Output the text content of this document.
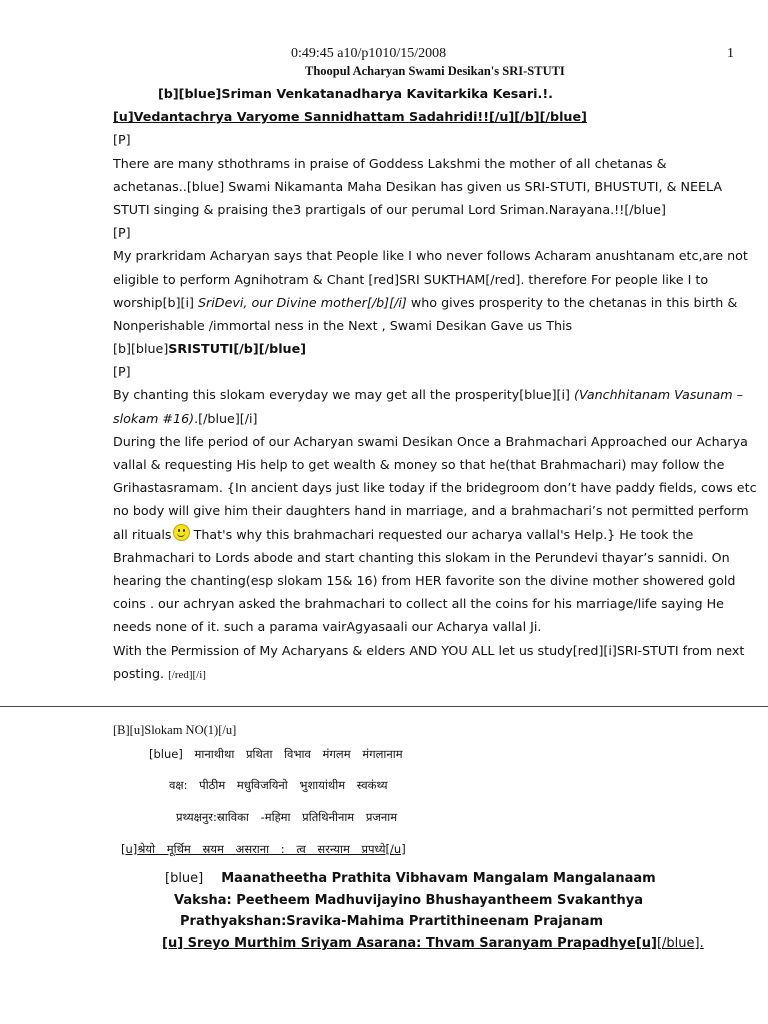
0:49:45 a10/p1010/15/2008	1
Thoopul Acharyan Swami Desikan's SRI-STUTI
[b][blue]Sriman Venkatanadharya Kavitarkika Kesari.!.
[u]Vedantachrya Varyome Sannidhattam Sadahridi!![/u][/b][/blue]
[P]
There are many sthothrams in praise of Goddess Lakshmi the mother of all chetanas &
achetanas..[blue] Swami Nikamanta Maha Desikan has given us SRI-STUTI, BHUSTUTI, & NEELA
STUTI singing & praising the3 prartigals of our perumal Lord Sriman.Narayana.!![/blue]
[P]
My prarkridam Acharyan says that People like I who never follows Acharam anushtanam etc,are not
eligible to perform Agnihotram & Chant [red]SRI SUKTHAM[/red]. therefore For people like I to
worship[b][i] SriDevi, our Divine mother[/b][/i] who gives prosperity to the chetanas in this birth &
Nonperishable /immortal ness in the Next , Swami Desikan Gave us This
[b][blue]SRISTUTI[/b][/blue]
[P]
By chanting this slokam everyday we may get all the prosperity[blue][i] (Vanchhitanam Vasunam –
slokam #16).[/blue][/i]
During the life period of our Acharyan swami Desikan Once a Brahmachari Approached our Acharya
vallal & requesting His help to get wealth & money so that he(that Brahmachari) may follow the
Grihastasramam. {In ancient days just like today if the bridegroom don’t have paddy fields, cows etc
no body will give him their daughters hand in marriage, and a brahmachari’s not permitted perform
all rituals
That's why this brahmachari requested our acharya vallal's Help.} He took the
Brahmachari to Lords abode and start chanting this slokam in the Perundevi thayar’s sannidi. On
hearing the chanting(esp slokam 15& 16) from HER favorite son the divine mother showered gold
coins . our achryan asked the brahmachari to collect all the coins for his marriage/life saying He
needs none of it. such a parama vairAgyasaali our Acharya vallal Ji.
With the Permission of My Acharyans & elders AND YOU ALL let us study[red][i]SRI-STUTI from next
posting. [/red][/i]
[B][u]Slokam NO(1)[/u]
[blue] मानाथीथा प्रथिता विभाव मंगलम मंगलानाम
वक्ष: पीठीम मधुविजयिनो भुशायांथीम स्वकंथ्य
प्रथ्यक्षनुर:स्राविका -महिमा प्रतिथिनीनाम प्रजनाम
[u]श्रेयो मूर्थिम स्रयम असराना : त्व सरन्याम प्रपध्ये[/u]
[blue] Maanatheetha Prathita Vibhavam Mangalam Mangalanaam
Vaksha: Peetheem Madhuvijayino Bhushayantheem Svakanthya
Prathyakshan:Sravika-Mahima Prartithineenam Prajanam
[u] Sreyo Murthim Sriyam Asarana: Thvam Saranyam Prapadhye[u][/blue].
